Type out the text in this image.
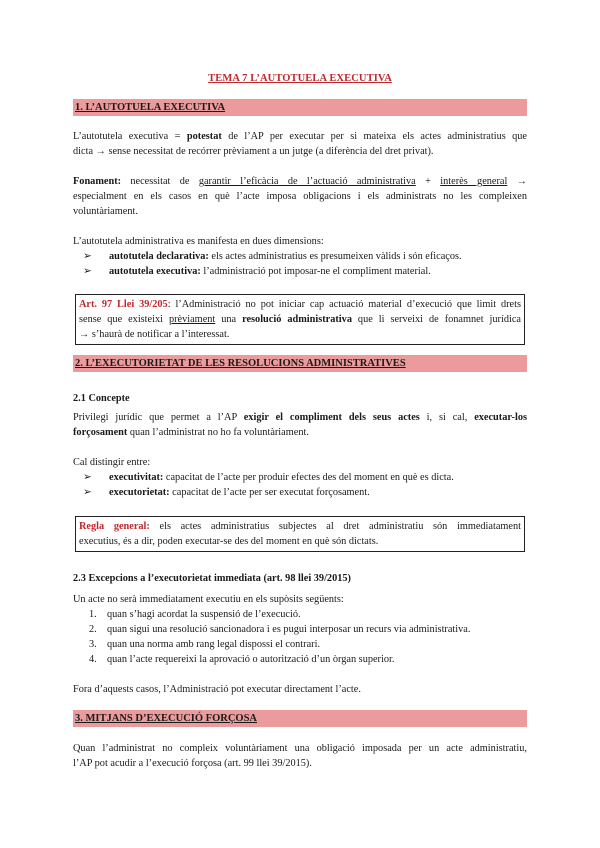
TEMA 7 L’AUTOTUELA EXECUTIVA
1. L’AUTOTUELA EXECUTIVA
L’autotutela executiva = potestat de l’AP per executar per si mateixa els actes administratius que
dicta → sense necessitat de recórrer prèviament a un jutge (a diferència del dret privat).
Fonament: necessitat de garantir l’eficàcia de l’actuació administrativa + interès general →
especialment en els casos en què l’acte imposa obligacions i els administrats no les compleixen
voluntàriament.
L’autotutela administrativa es manifesta en dues dimensions:
➢ autotutela declarativa: els actes administratius es presumeixen vàlids i són eficaços.
➢ autotutela executiva: l’administració pot imposar-ne el compliment material.
Art. 97 Llei 39/205: l’Administració no pot iniciar cap actuació material d’execució que limit drets
sense que existeixi prèviament una resolució administrativa que li serveixi de fonamnet jurídica
→ s’haurà de notificar a l’interessat.
2. L’EXECUTORIETAT DE LES RESOLUCIONS ADMINISTRATIVES
2.1 Concepte
Privilegi jurídic que permet a l’AP exigir el compliment dels seus actes i, si cal, executar-los
forçosament quan l’administrat no ho fa voluntàriament.
Cal distingir entre:
➢ executivitat: capacitat de l’acte per produir efectes des del moment en què es dicta.
➢ executorietat: capacitat de l’acte per ser executat forçosament.
Regla general: els actes administratius subjectes al dret administratiu són immediatament
executius, és a dir, poden executar-se des del moment en què són dictats.
2.3 Excepcions a l’executorietat immediata (art. 98 llei 39/2015)
Un acte no serà immediatament executiu en els supòsits següents:
1. quan s’hagi acordat la suspensió de l’execució.
2. quan sigui una resolució sancionadora i es pugui interposar un recurs via administrativa.
3. quan una norma amb rang legal dispossi el contrari.
4. quan l’acte requereixi la aprovació o autorització d’un òrgan superior.
Fora d’aquests casos, l’Administració pot executar directament l’acte.
3. MITJANS D’EXECUCIÓ FORÇOSA
Quan l’administrat no compleix voluntàriament una obligació imposada per un acte administratiu,
l’AP pot acudir a l’execució forçosa (art. 99 llei 39/2015).
